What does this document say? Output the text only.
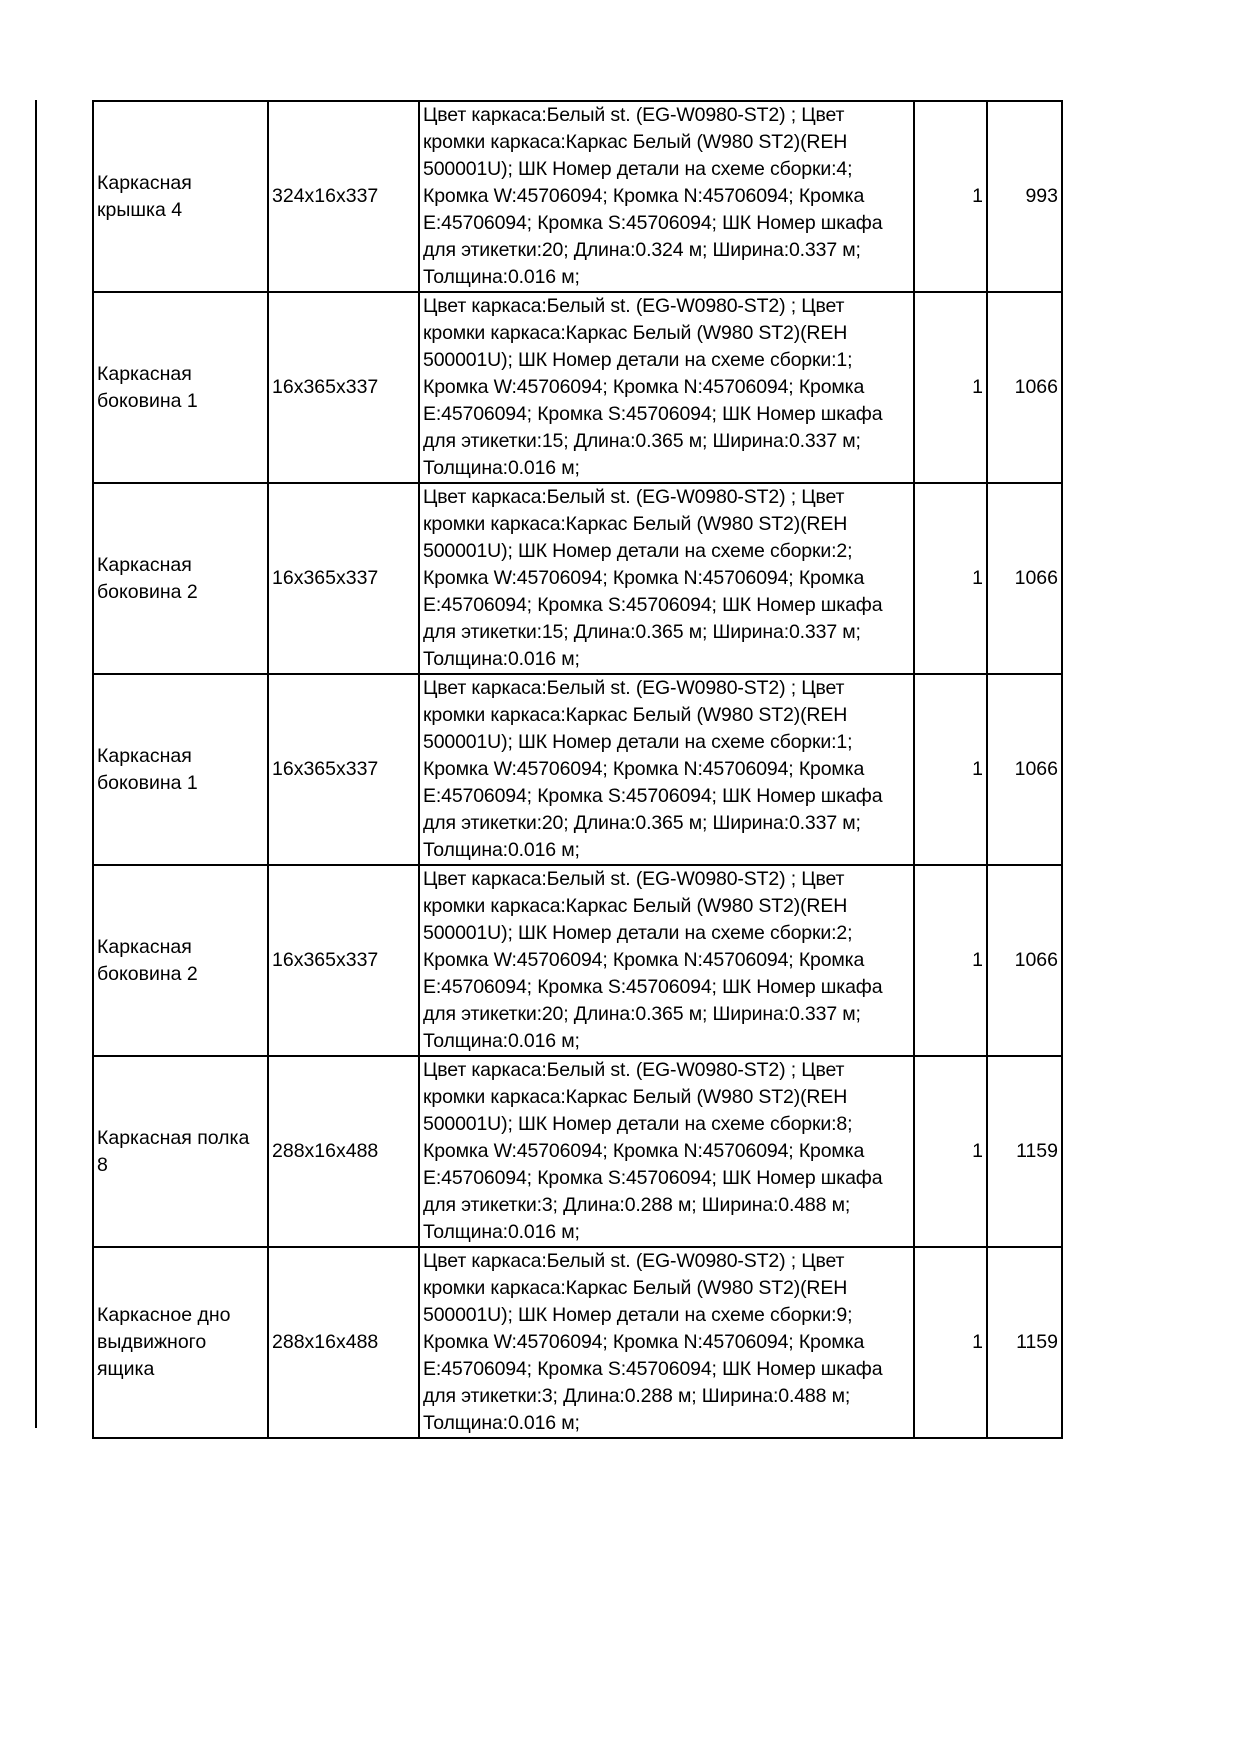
Каркасная крышка 4	324x16x337	Цвет каркаса:Белый st. (EG-W0980-ST2) ; Цвет кромки каркаса:Каркас Белый (W980 ST2)(REH 500001U); ШК Номер детали на схеме сборки:4; Кромка W:45706094; Кромка N:45706094; Кромка E:45706094; Кромка S:45706094; ШК Номер шкафа для этикетки:20; Длина:0.324 м; Ширина:0.337 м; Толщина:0.016 м;	1	993
Каркасная боковина 1	16x365x337	Цвет каркаса:Белый st. (EG-W0980-ST2) ; Цвет кромки каркаса:Каркас Белый (W980 ST2)(REH 500001U); ШК Номер детали на схеме сборки:1; Кромка W:45706094; Кромка N:45706094; Кромка E:45706094; Кромка S:45706094; ШК Номер шкафа для этикетки:15; Длина:0.365 м; Ширина:0.337 м; Толщина:0.016 м;	1	1066
Каркасная боковина 2	16x365x337	Цвет каркаса:Белый st. (EG-W0980-ST2) ; Цвет кромки каркаса:Каркас Белый (W980 ST2)(REH 500001U); ШК Номер детали на схеме сборки:2; Кромка W:45706094; Кромка N:45706094; Кромка E:45706094; Кромка S:45706094; ШК Номер шкафа для этикетки:15; Длина:0.365 м; Ширина:0.337 м; Толщина:0.016 м;	1	1066
Каркасная боковина 1	16x365x337	Цвет каркаса:Белый st. (EG-W0980-ST2) ; Цвет кромки каркаса:Каркас Белый (W980 ST2)(REH 500001U); ШК Номер детали на схеме сборки:1; Кромка W:45706094; Кромка N:45706094; Кромка E:45706094; Кромка S:45706094; ШК Номер шкафа для этикетки:20; Длина:0.365 м; Ширина:0.337 м; Толщина:0.016 м;	1	1066
Каркасная боковина 2	16x365x337	Цвет каркаса:Белый st. (EG-W0980-ST2) ; Цвет кромки каркаса:Каркас Белый (W980 ST2)(REH 500001U); ШК Номер детали на схеме сборки:2; Кромка W:45706094; Кромка N:45706094; Кромка E:45706094; Кромка S:45706094; ШК Номер шкафа для этикетки:20; Длина:0.365 м; Ширина:0.337 м; Толщина:0.016 м;	1	1066
Каркасная полка 8	288x16x488	Цвет каркаса:Белый st. (EG-W0980-ST2) ; Цвет кромки каркаса:Каркас Белый (W980 ST2)(REH 500001U); ШК Номер детали на схеме сборки:8; Кромка W:45706094; Кромка N:45706094; Кромка E:45706094; Кромка S:45706094; ШК Номер шкафа для этикетки:3; Длина:0.288 м; Ширина:0.488 м; Толщина:0.016 м;	1	1159
Каркасное дно выдвижного ящика	288x16x488	Цвет каркаса:Белый st. (EG-W0980-ST2) ; Цвет кромки каркаса:Каркас Белый (W980 ST2)(REH 500001U); ШК Номер детали на схеме сборки:9; Кромка W:45706094; Кромка N:45706094; Кромка E:45706094; Кромка S:45706094; ШК Номер шкафа для этикетки:3; Длина:0.288 м; Ширина:0.488 м; Толщина:0.016 м;	1	1159
